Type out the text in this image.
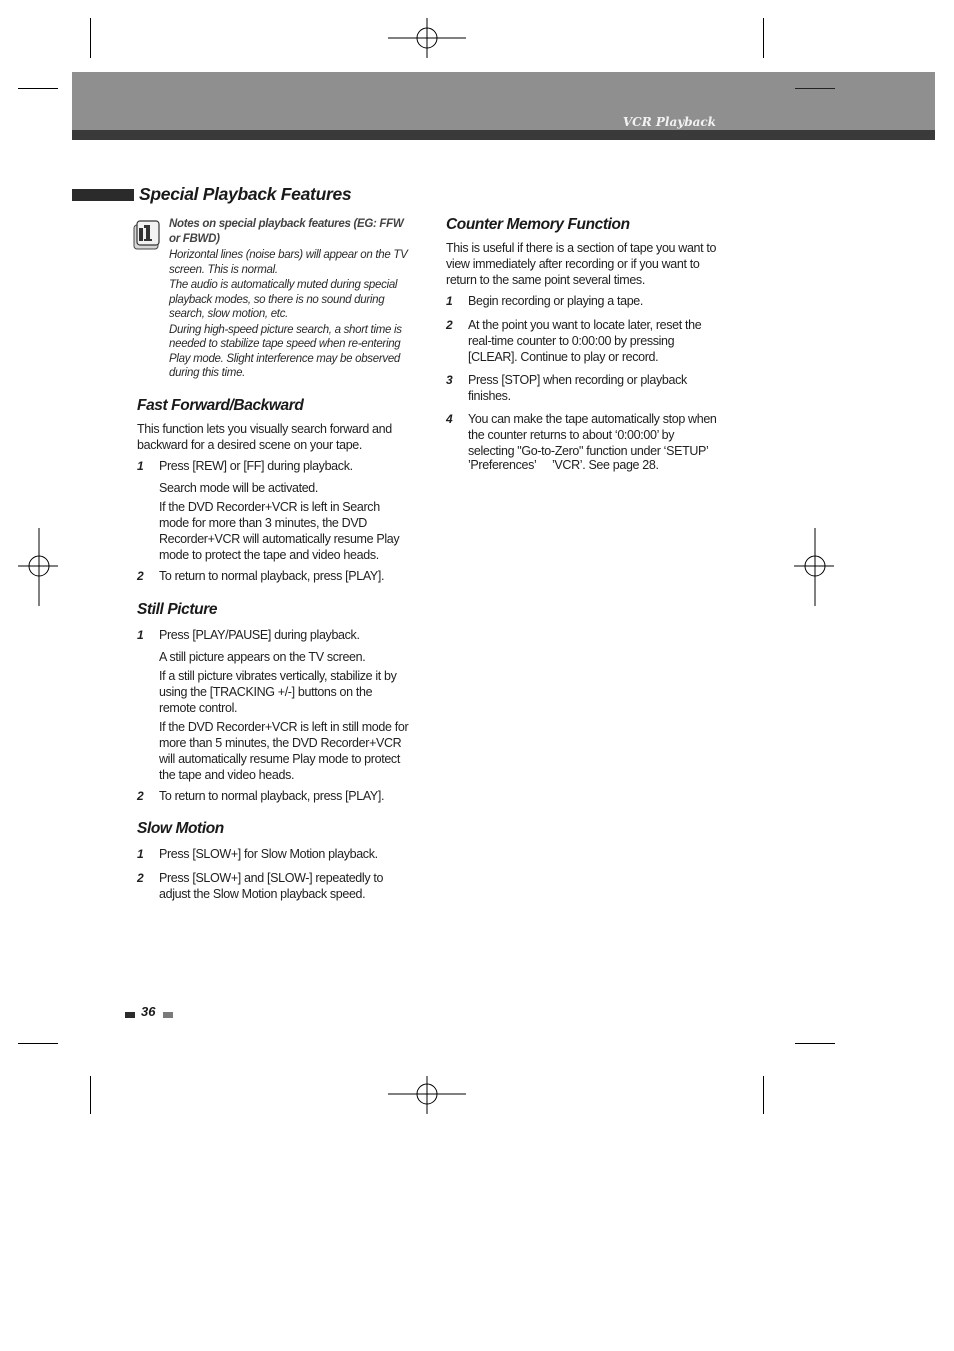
VCR Playback
Special Playback Features
Notes on special playback features (EG: FFW or FBWD)
Horizontal lines (noise bars) will appear on the TV screen. This is normal.
The audio is automatically muted during special playback modes, so there is no sound during search, slow motion, etc.
During high-speed picture search, a short time is needed to stabilize tape speed when re-entering Play mode. Slight interference may be observed during this time.
Fast Forward/Backward
This function lets you visually search forward and backward for a desired scene on your tape.
1 Press [REW] or [FF] during playback.
Search mode will be activated.
If the DVD Recorder+VCR is left in Search mode for more than 3 minutes, the DVD Recorder+VCR will automatically resume Play mode to protect the tape and video heads.
2 To return to normal playback, press [PLAY].
Still Picture
1 Press [PLAY/PAUSE] during playback.
A still picture appears on the TV screen.
If a still picture vibrates vertically, stabilize it by using the [TRACKING +/-] buttons on the remote control.
If the DVD Recorder+VCR is left in still mode for more than 5 minutes, the DVD Recorder+VCR will automatically resume Play mode to protect the tape and video heads.
2 To return to normal playback, press [PLAY].
Slow Motion
1 Press [SLOW+] for Slow Motion playback.
2 Press [SLOW+] and [SLOW-] repeatedly to adjust the Slow Motion playback speed.
Counter Memory Function
This is useful if there is a section of tape you want to view immediately after recording or if you want to return to the same point several times.
1 Begin recording or playing a tape.
2 At the point you want to locate later, reset the real-time counter to 0:00:00 by pressing [CLEAR]. Continue to play or record.
3 Press [STOP] when recording or playback finishes.
4 You can make the tape automatically stop when the counter returns to about ‘0:00:00’ by selecting "Go-to-Zero" function under ‘SETUP’
’Preferences’	’VCR’. See page 28.
36
